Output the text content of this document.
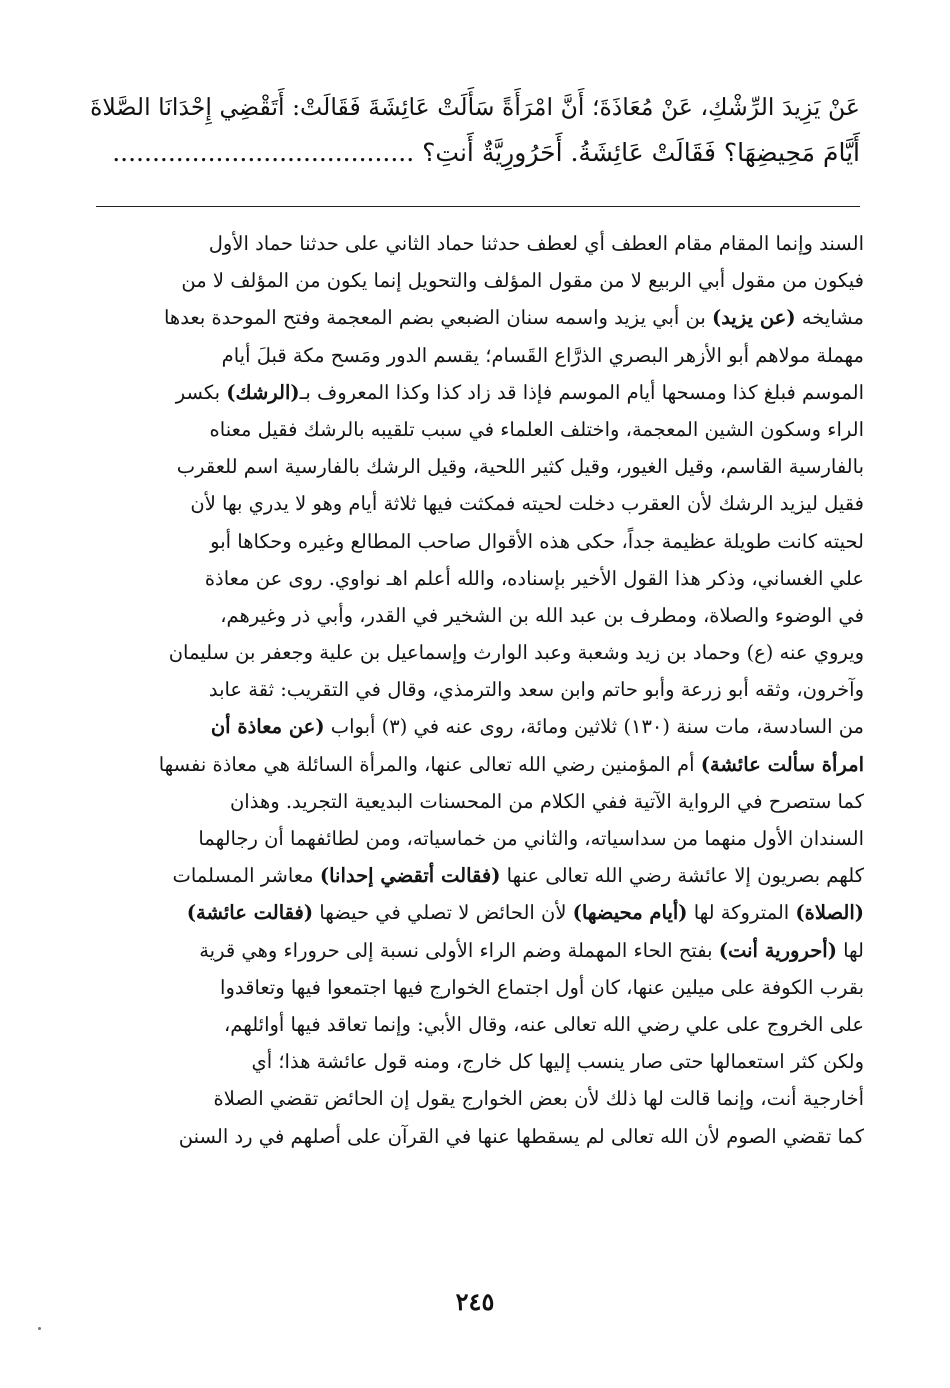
عَنْ يَزِيدَ الرِّشْكِ، عَنْ مُعَاذَةَ؛ أَنَّ امْرَأَةً سَأَلَتْ عَائِشَةَ فَقَالَتْ: أَتَقْضِي إِحْدَانَا الصَّلاةَ
أَيَّامَ مَحِيضِهَا؟ فَقَالَتْ عَائِشَةُ. أَحَرُورِيَّةٌ أَنتِ؟ ......................................
السند وإنما المقام مقام العطف أي لعطف حدثنا حماد الثاني على حدثنا حماد الأول
فيكون من مقول أبي الربيع لا من مقول المؤلف والتحويل إنما يكون من المؤلف لا من
مشايخه (عن يزيد) بن أبي يزيد واسمه سنان الضبعي بضم المعجمة وفتح الموحدة بعدها
مهملة مولاهم أبو الأزهر البصري الذرَّاع القَسام؛ يقسم الدور ومَسح مكة قبلَ أيام
الموسم فبلغ كذا ومسحها أيام الموسم فإذا قد زاد كذا وكذا المعروف بـ(الرشك) بكسر
الراء وسكون الشين المعجمة، واختلف العلماء في سبب تلقيبه بالرشك فقيل معناه
بالفارسية القاسم، وقيل الغيور، وقيل كثير اللحية، وقيل الرشك بالفارسية اسم للعقرب
فقيل ليزيد الرشك لأن العقرب دخلت لحيته فمكثت فيها ثلاثة أيام وهو لا يدري بها لأن
لحيته كانت طويلة عظيمة جداً، حكى هذه الأقوال صاحب المطالع وغيره وحكاها أبو
علي الغساني، وذكر هذا القول الأخير بإسناده، والله أعلم اهـ نواوي. روى عن معاذة
في الوضوء والصلاة، ومطرف بن عبد الله بن الشخير في القدر، وأبي ذر وغيرهم،
ويروي عنه (ع) وحماد بن زيد وشعبة وعبد الوارث وإسماعيل بن علية وجعفر بن سليمان
وآخرون، وثقه أبو زرعة وأبو حاتم وابن سعد والترمذي، وقال في التقريب: ثقة عابد
من السادسة، مات سنة (١٣٠) ثلاثين ومائة، روى عنه في (٣) أبواب (عن معاذة أن
امرأة سألت عائشة) أم المؤمنين رضي الله تعالى عنها، والمرأة السائلة هي معاذة نفسها
كما ستصرح في الرواية الآتية ففي الكلام من المحسنات البديعية التجريد. وهذان
السندان الأول منهما من سداسياته، والثاني من خماسياته، ومن لطائفهما أن رجالهما
كلهم بصريون إلا عائشة رضي الله تعالى عنها (فقالت أتقضي إحدانا) معاشر المسلمات
(الصلاة) المتروكة لها (أيام محيضها) لأن الحائض لا تصلي في حيضها (فقالت عائشة)
لها (أحرورية أنت) بفتح الحاء المهملة وضم الراء الأولى نسبة إلى حروراء وهي قرية
بقرب الكوفة على ميلين عنها، كان أول اجتماع الخوارج فيها اجتمعوا فيها وتعاقدوا
على الخروج على علي رضي الله تعالى عنه، وقال الأبي: وإنما تعاقد فيها أوائلهم،
ولكن كثر استعمالها حتى صار ينسب إليها كل خارج، ومنه قول عائشة هذا؛ أي
أخارجية أنت، وإنما قالت لها ذلك لأن بعض الخوارج يقول إن الحائض تقضي الصلاة
كما تقضي الصوم لأن الله تعالى لم يسقطها عنها في القرآن على أصلهم في رد السنن
٢٤٥
